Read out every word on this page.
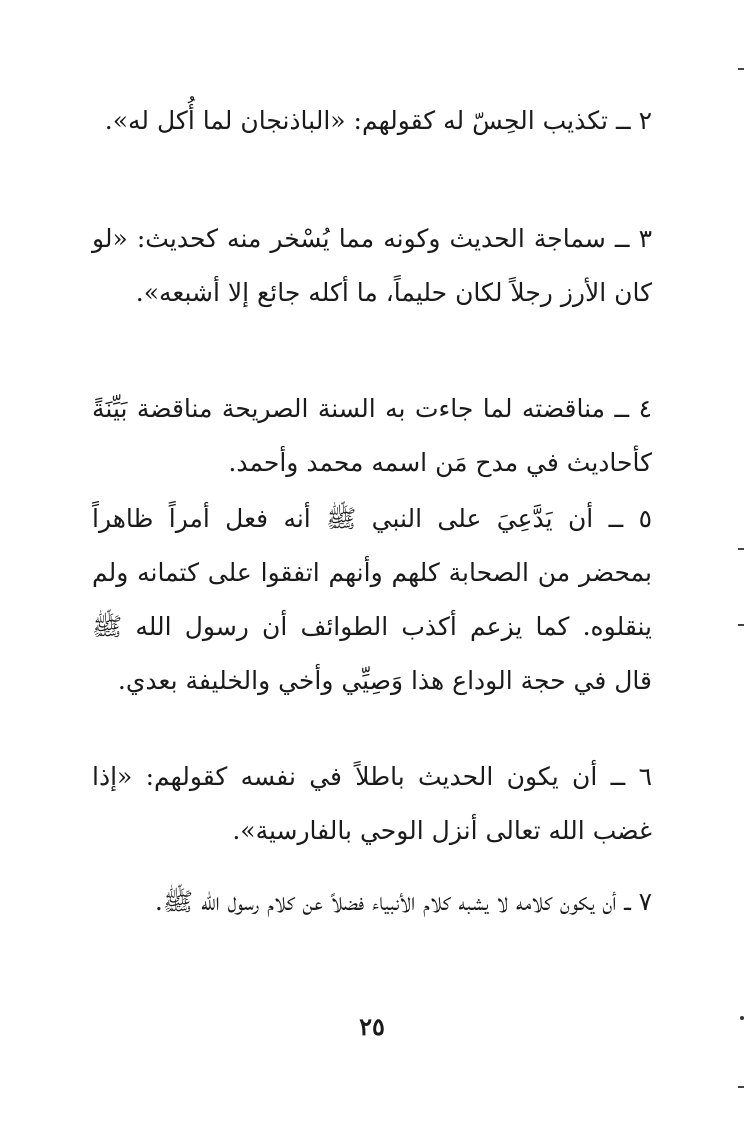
٢ ــ تكذيب الحِسّ له كقولهم: «الباذنجان لما أُكل له».

٣ ــ سماجة الحديث وكونه مما يُسْخر منه كحديث: «لو كان الأرز رجلاً لكان حليماً، ما أكله جائع إلا أشبعه».

٤ ــ مناقضته لما جاءت به السنة الصريحة مناقضة بَيِّنَةً كأحاديث في مدح مَن اسمه محمد وأحمد.

٥ ــ أن يَدَّعِيَ على النبي ﷺ أنه فعل أمراً ظاهراً بمحضر من الصحابة كلهم وأنهم اتفقوا على كتمانه ولم ينقلوه. كما يزعم أكذب الطوائف أن رسول الله ﷺ قال في حجة الوداع هذا وَصِيِّي وأخي والخليفة بعدي.

٦ ــ أن يكون الحديث باطلاً في نفسه كقولهم: «إذا غضب الله تعالى أنزل الوحي بالفارسية».

٧ ــ أن يكون كلامه لا يشبه كلام الأنبياء فضلاً عن كلام رسول الله ﷺ.

٢٥
